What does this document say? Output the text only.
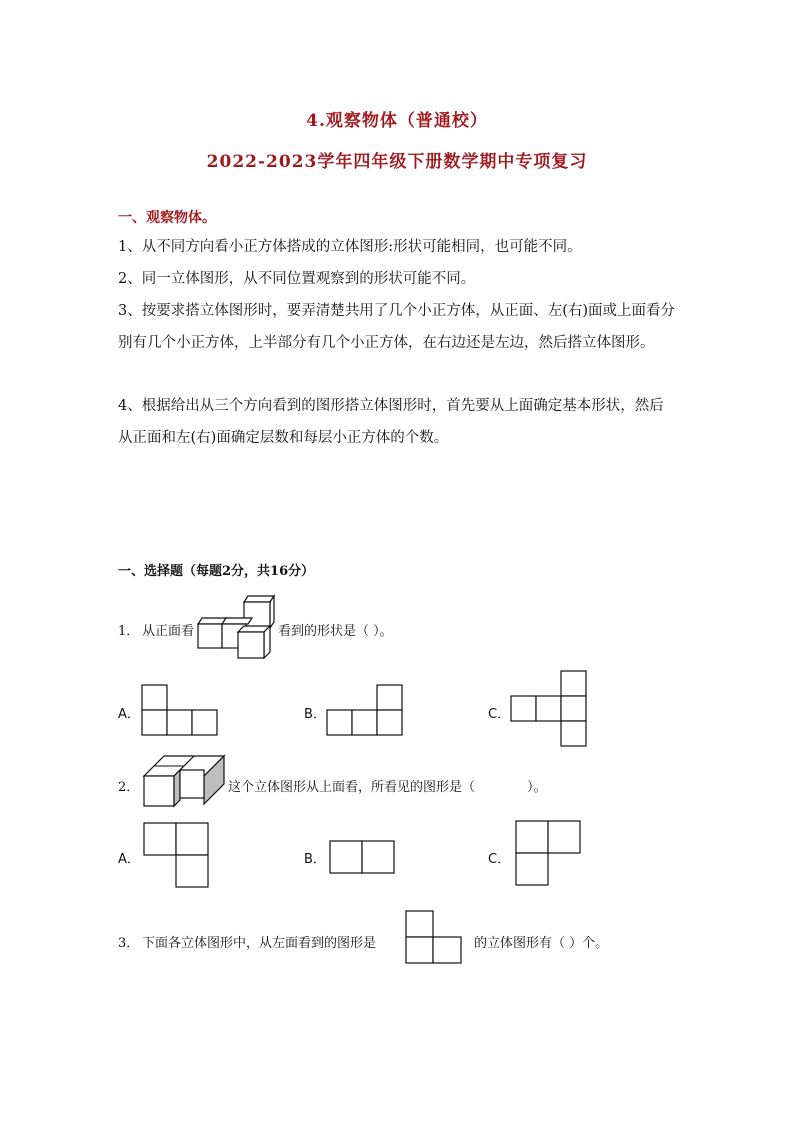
4.观察物体（普通校）
2022-2023学年四年级下册数学期中专项复习
一、观察物体。
1、从不同方向看小正方体搭成的立体图形:形状可能相同，也可能不同。
2、同一立体图形，从不同位置观察到的形状可能不同。
3、按要求搭立体图形时，要弄清楚共用了几个小正方体，从正面、左(右)面或上面看分别有几个小正方体，上半部分有几个小正方体，在右边还是左边，然后搭立体图形。
4、根据给出从三个方向看到的图形搭立体图形时，首先要从上面确定基本形状，然后从正面和左(右)面确定层数和每层小正方体的个数。
一、选择题（每题2分，共16分）
1． 从正面看	看到的形状是（ ）。
A．	B．	C．
2．	这个立体图形从上面看，所看见的图形是（　　　　）。
A．	B．	C．
3． 下面各立体图形中，从左面看到的图形是	的立体图形有（ ）个。
